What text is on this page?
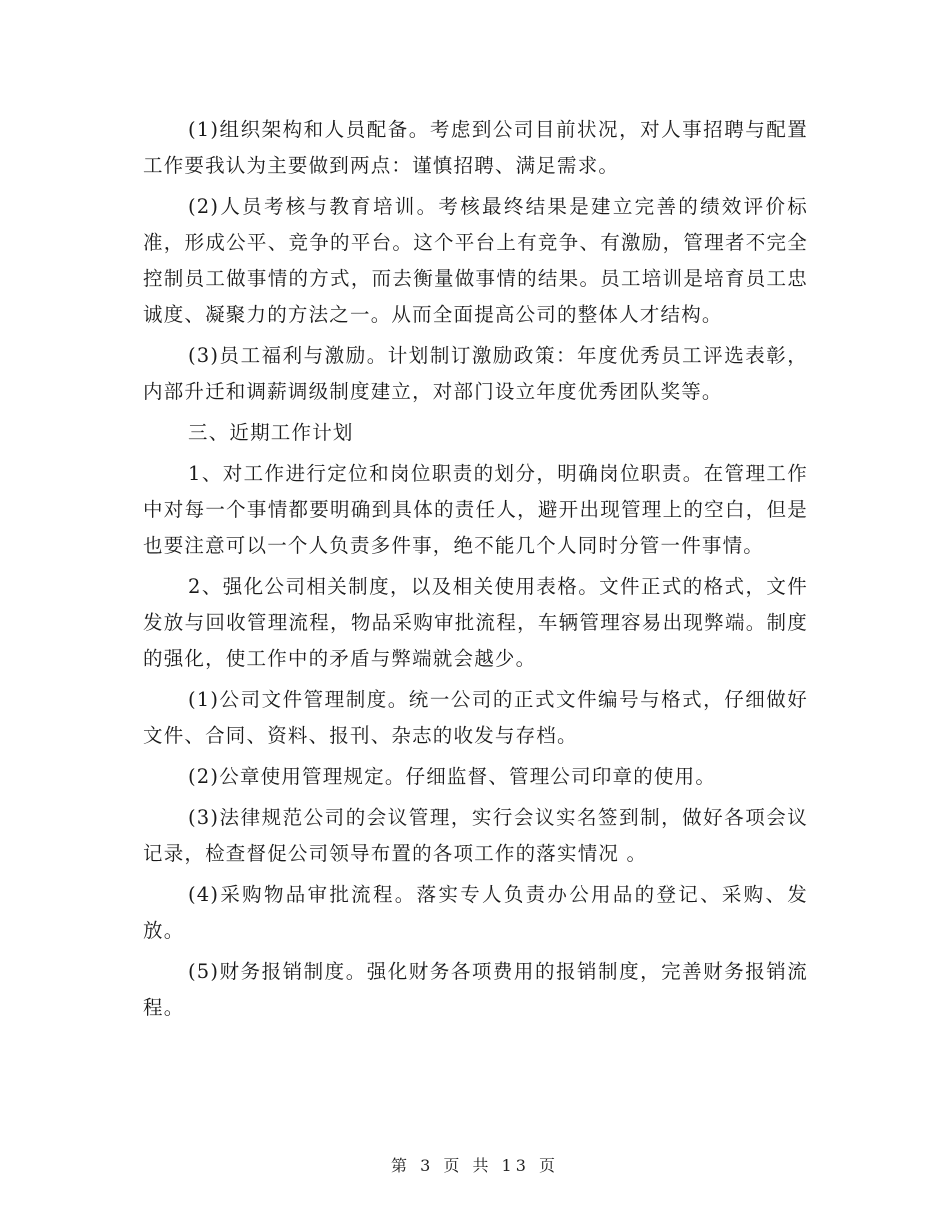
(1)组织架构和人员配备。考虑到公司目前状况，对人事招聘与配置工作要我认为主要做到两点：谨慎招聘、满足需求。

(2)人员考核与教育培训。考核最终结果是建立完善的绩效评价标准，形成公平、竞争的平台。这个平台上有竞争、有激励，管理者不完全控制员工做事情的方式，而去衡量做事情的结果。员工培训是培育员工忠诚度、凝聚力的方法之一。从而全面提高公司的整体人才结构。

(3)员工福利与激励。计划制订激励政策：年度优秀员工评选表彰，内部升迁和调薪调级制度建立，对部门设立年度优秀团队奖等。

三、近期工作计划

1、对工作进行定位和岗位职责的划分，明确岗位职责。在管理工作中对每一个事情都要明确到具体的责任人，避开出现管理上的空白，但是也要注意可以一个人负责多件事，绝不能几个人同时分管一件事情。

2、强化公司相关制度，以及相关使用表格。文件正式的格式，文件发放与回收管理流程，物品采购审批流程，车辆管理容易出现弊端。制度的强化，使工作中的矛盾与弊端就会越少。

(1)公司文件管理制度。统一公司的正式文件编号与格式，仔细做好文件、合同、资料、报刊、杂志的收发与存档。

(2)公章使用管理规定。仔细监督、管理公司印章的使用。

(3)法律规范公司的会议管理，实行会议实名签到制，做好各项会议记录，检查督促公司领导布置的各项工作的落实情况 。

(4)采购物品审批流程。落实专人负责办公用品的登记、采购、发放。

(5)财务报销制度。强化财务各项费用的报销制度，完善财务报销流程。

第 3 页 共 13 页
